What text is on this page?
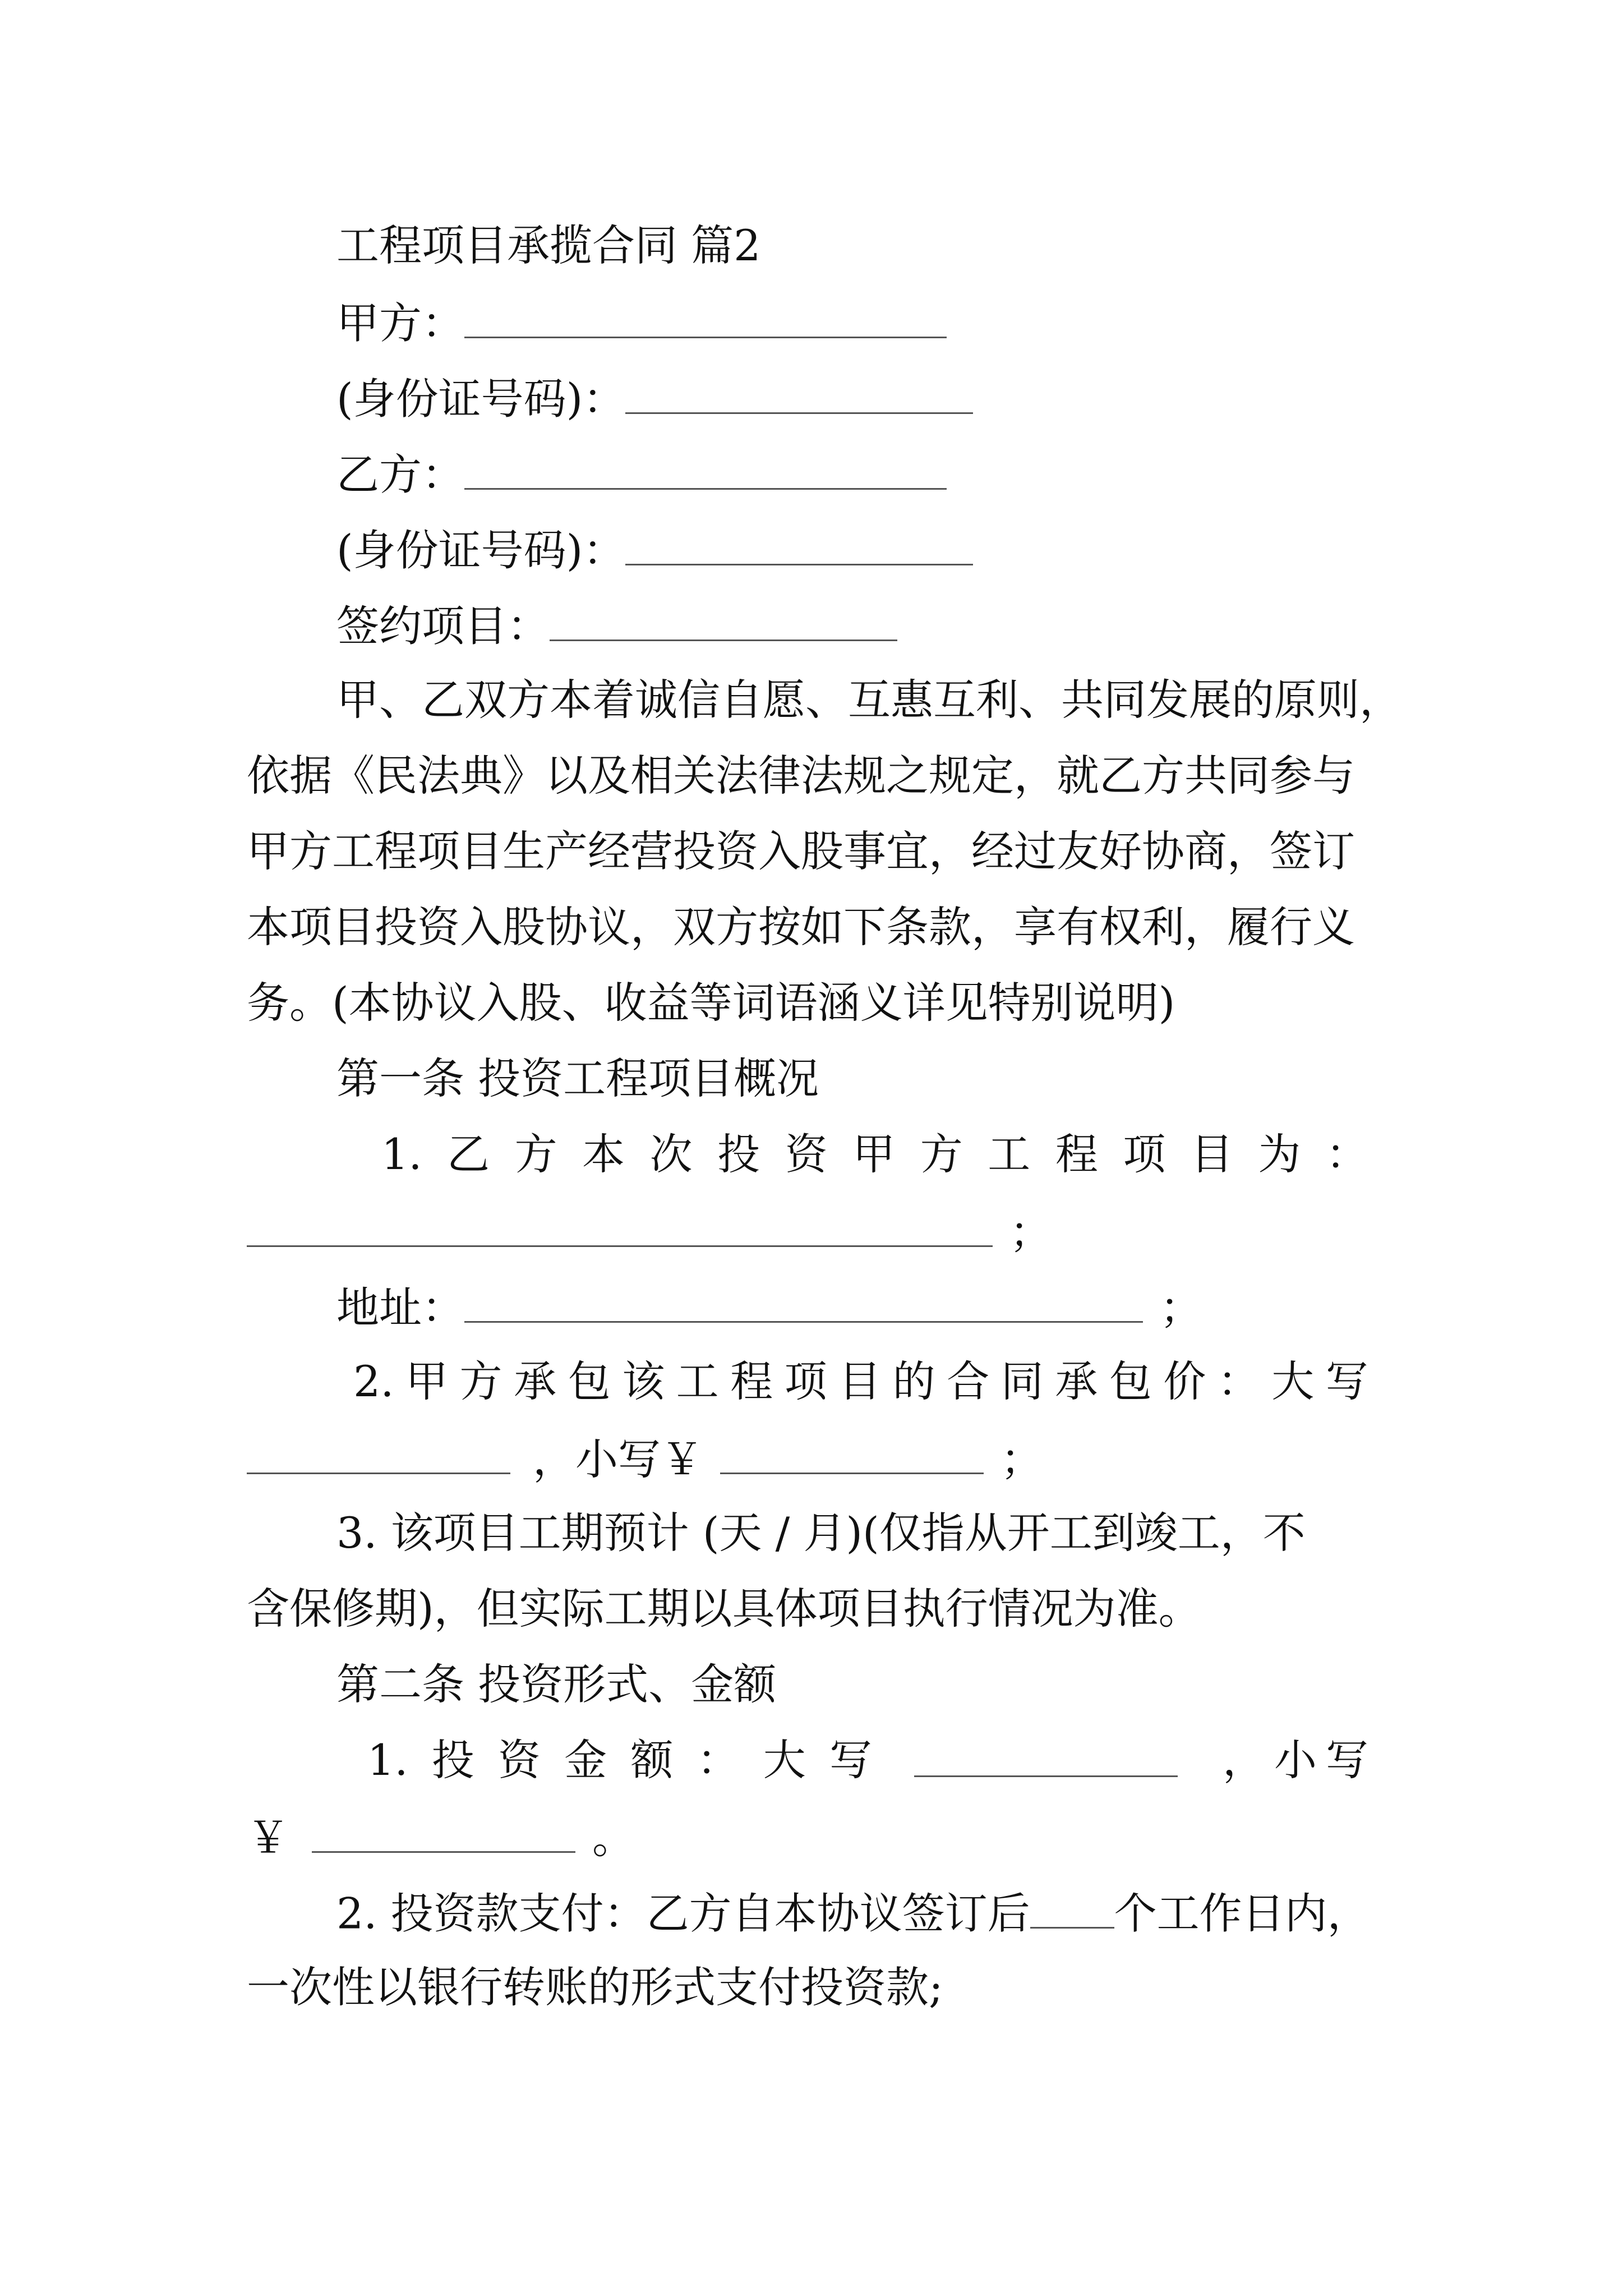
工程项目承揽合同 篇2
甲方：
(身份证号码)：
乙方：
(身份证号码)：
签约项目：
甲、乙双方本着诚信自愿、互惠互利、共同发展的原则，
依据《民法典》以及相关法律法规之规定，就乙方共同参与
甲方工程项目生产经营投资入股事宜，经过友好协商，签订
本项目投资入股协议，双方按如下条款，享有权利，履行义
务。(本协议入股、收益等词语涵义详见特别说明)
第一条 投资工程项目概况
1. 乙 方 本 次 投 资 甲 方 工 程 项 目 为 ：
；
地址：	；
2. 甲 方 承 包 该 工 程 项 目 的 合 同 承 包 价 ： 大 写
，小写￥	；
3. 该项目工期预计 (天 / 月)(仅指从开工到竣工，不
含保修期)，但实际工期以具体项目执行情况为准。
第二条 投资形式、金额
1. 投 资 金 额 ： 大 写	， 小 写
￥	。
2. 投资款支付：乙方自本协议签订后 个工作日内，
一次性以银行转账的形式支付投资款;
